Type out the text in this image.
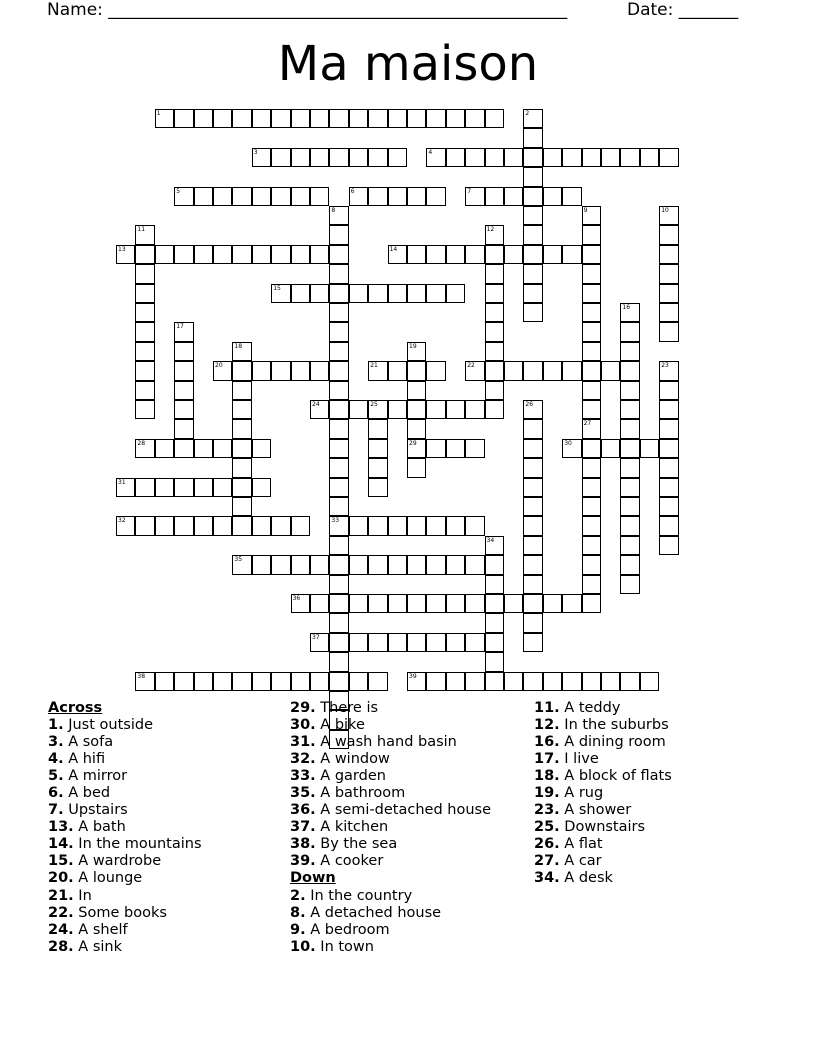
Name: ______________________________________________________	Date: _______
Ma maison
1	2
3	4
5	6	7
8
33
9
27
10
11	12
13	14
15
16
17
18	19
29
20	21	22	23
24	25	26
28	30
31
32
34
35
36
37
38	39
Across
1. Just outside
3. A sofa
4. A hifi
5. A mirror
6. A bed
7. Upstairs
13. A bath
14. In the mountains
15. A wardrobe
20. A lounge
21. In
22. Some books
24. A shelf
28. A sink
29. There is
30. A bike
31. A wash hand basin
32. A window
33. A garden
35. A bathroom
36. A semi-detached house
37. A kitchen
38. By the sea
39. A cooker
Down
2. In the country
8. A detached house
9. A bedroom
10. In town
11. A teddy
12. In the suburbs
16. A dining room
17. I live
18. A block of flats
19. A rug
23. A shower
25. Downstairs
26. A flat
27. A car
34. A desk
